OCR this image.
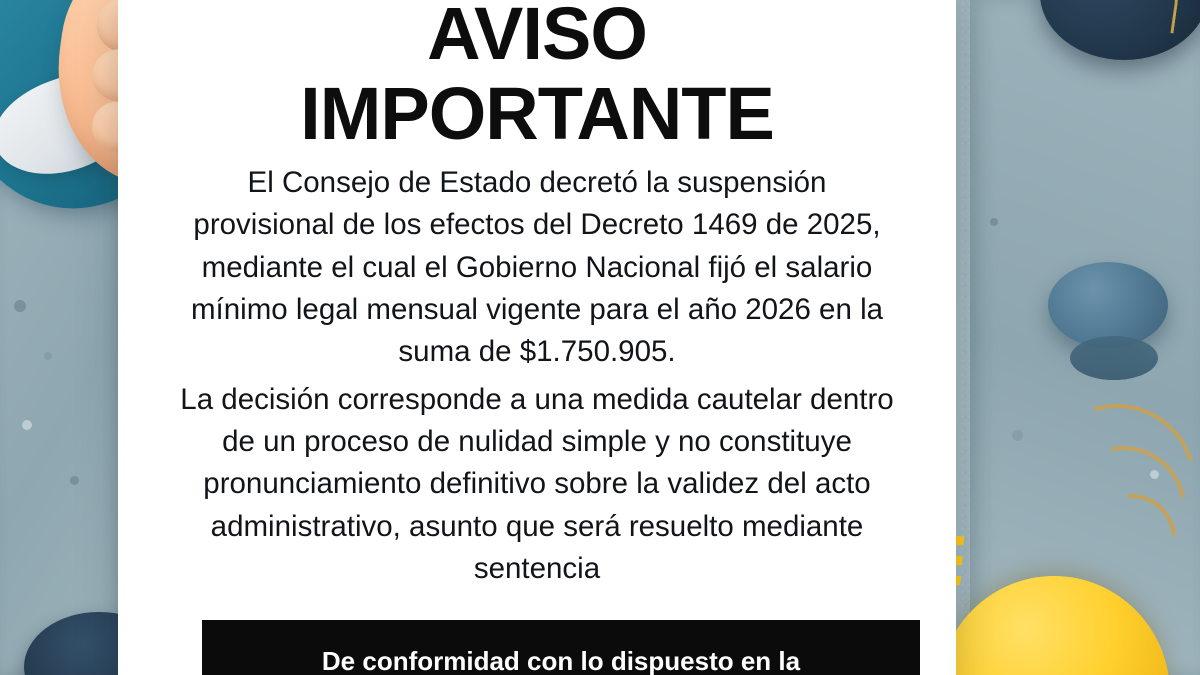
AVISO
IMPORTANTE

El Consejo de Estado decretó la suspensión provisional de los efectos del Decreto 1469 de 2025, mediante el cual el Gobierno Nacional fijó el salario mínimo legal mensual vigente para el año 2026 en la suma de $1.750.905.

La decisión corresponde a una medida cautelar dentro de un proceso de nulidad simple y no constituye pronunciamiento definitivo sobre la validez del acto administrativo, asunto que será resuelto mediante sentencia

De conformidad con lo dispuesto en la
